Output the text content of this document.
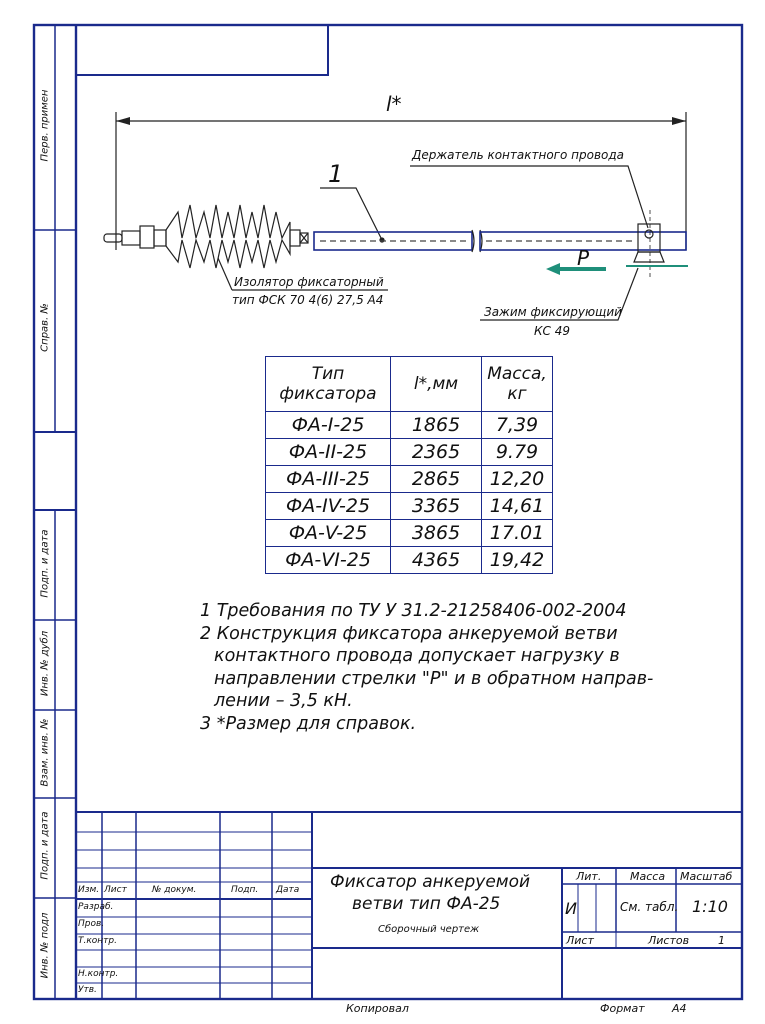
Перв. примен
Справ. №
Подп. и дата
Инв. № дубл
Взам. инв. №
Подп. и дата
Инв. № подл
l*
1
Держатель контактного провода
Изолятор фиксаторный
тип ФСК 70 4(6) 27,5 А4
P
Зажим фиксирующий
КС 49
Тип фиксатора	l*,мм	Масса, кг
ФА-I-25	1865	7,39
ФА-II-25	2365	9.79
ФА-III-25	2865	12,20
ФА-IV-25	3365	14,61
ФА-V-25	3865	17.01
ФА-VI-25	4365	19,42

1 Требования по ТУ У 31.2-21258406-002-2004

2 Конструкция фиксатора анкеруемой ветви

контактного провода допускает нагрузку в

направлении стрелки "Р" и в обратном направ-

лении – 3,5 кН.

3 *Размер для справок.

Изм. Лист	№ докум.	Подп. Дата
Разраб.
Пров.
Т.контр.
Н.контр.
Утв.
Фиксатор анкеруемой
ветви тип ФА-25
Сборочный чертеж
Лит.	Масса Масштаб
И	См. табл. 1:10
Лист	Листов	1
Копировал	Формат А4
